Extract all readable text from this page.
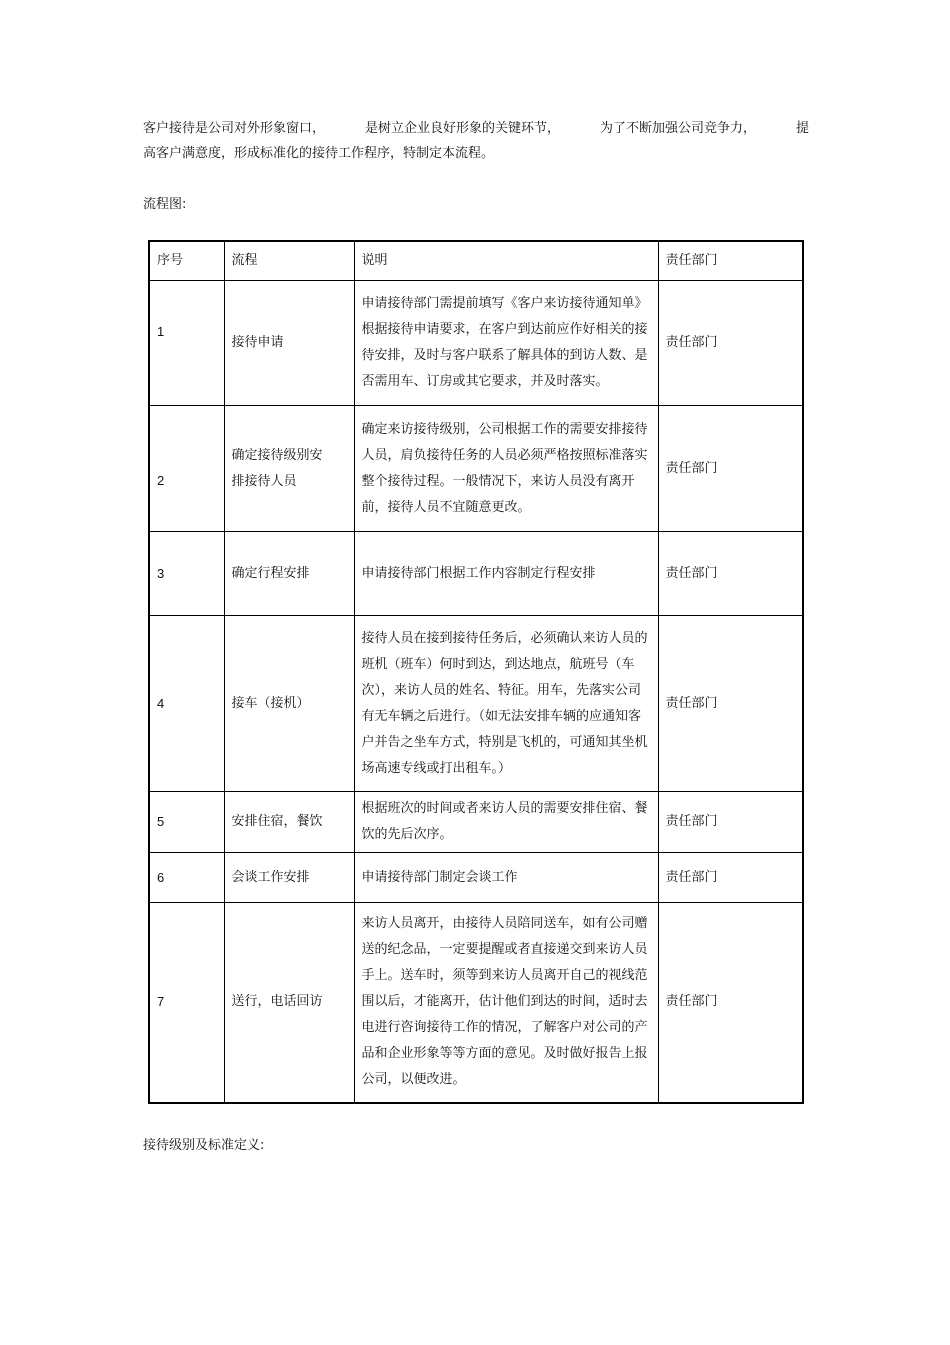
客户接待是公司对外形象窗口，	是树立企业良好形象的关键环节，	为了不断加强公司竞争力，	提
高客户满意度，形成标准化的接待工作程序，特制定本流程。
流程图:
序号	流程	说明	责任部门
1	接待申请	申请接待部门需提前填写《客户来访接待通知单》根据接待申请要求，在客户到达前应作好相关的接待安排，及时与客户联系了解具体的到访人数、是否需用车、订房或其它要求，并及时落实。	责任部门
2	确定接待级别安排接待人员	确定来访接待级别，公司根据工作的需要安排接待人员，肩负接待任务的人员必须严格按照标准落实整个接待过程。一般情况下，来访人员没有离开前，接待人员不宜随意更改。	责任部门
3	确定行程安排	申请接待部门根据工作内容制定行程安排	责任部门
4	接车（接机）	接待人员在接到接待任务后，必须确认来访人员的班机（班车）何时到达，到达地点，航班号（车次），来访人员的姓名、特征。用车，先落实公司有无车辆之后进行。（如无法安排车辆的应通知客户并告之坐车方式，特别是飞机的，可通知其坐机场高速专线或打出租车。）	责任部门
5	安排住宿，餐饮	根据班次的时间或者来访人员的需要安排住宿、餐饮的先后次序。	责任部门
6	会谈工作安排	申请接待部门制定会谈工作	责任部门
7	送行，电话回访	来访人员离开，由接待人员陪同送车，如有公司赠送的纪念品，一定要提醒或者直接递交到来访人员手上。送车时，须等到来访人员离开自己的视线范围以后，才能离开，估计他们到达的时间，适时去电进行咨询接待工作的情况，了解客户对公司的产品和企业形象等等方面的意见。及时做好报告上报公司，以便改进。	责任部门
接待级别及标准定义:
